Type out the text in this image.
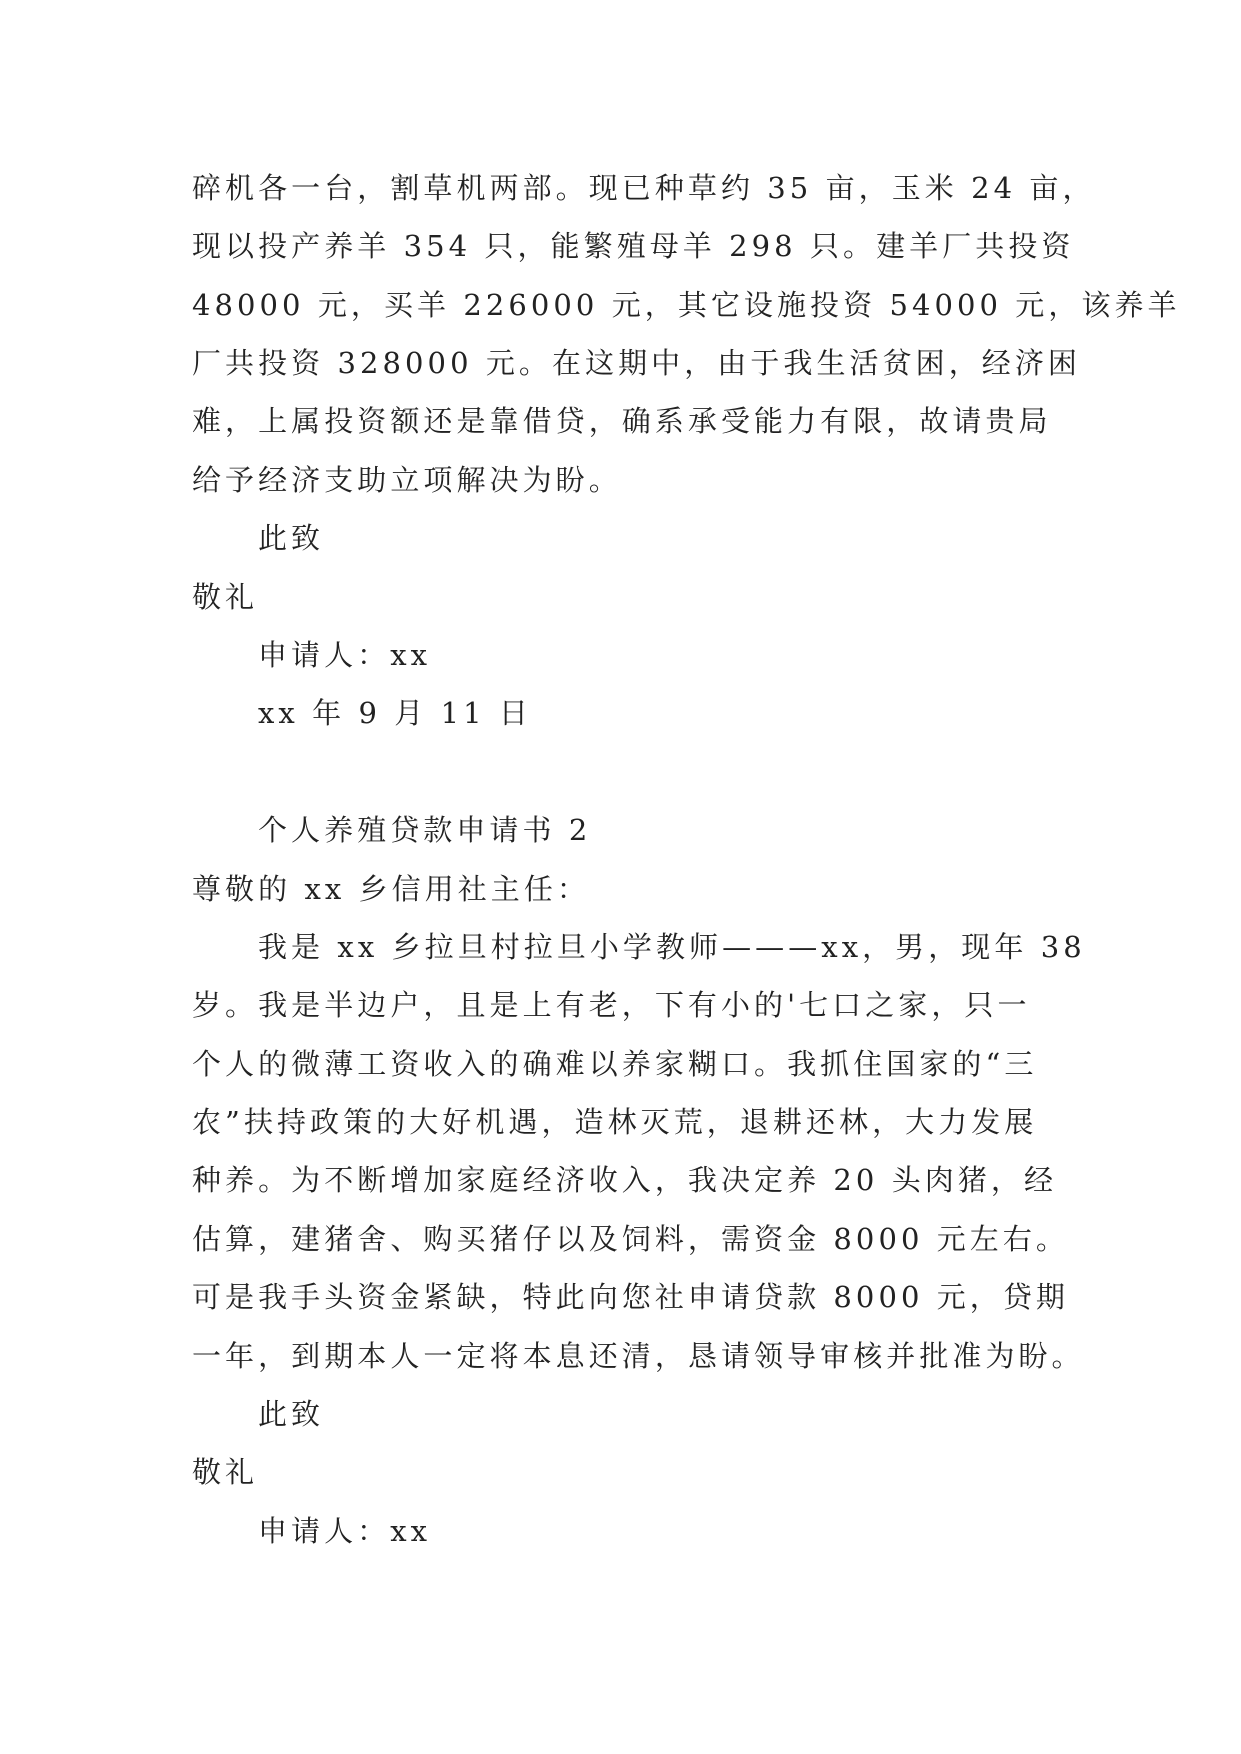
碎机各一台，割草机两部。现已种草约 35 亩，玉米 24 亩，
现以投产养羊 354 只，能繁殖母羊 298 只。建羊厂共投资
48000 元，买羊 226000 元，其它设施投资 54000 元，该养羊
厂共投资 328000 元。在这期中，由于我生活贫困，经济困
难，上属投资额还是靠借贷，确系承受能力有限，故请贵局
给予经济支助立项解决为盼。
此致
敬礼
申请人：xx
xx 年 9 月 11 日
个人养殖贷款申请书 2
尊敬的 xx 乡信用社主任：
我是 xx 乡拉旦村拉旦小学教师———xx，男，现年 38
岁。我是半边户，且是上有老，下有小的'七口之家，只一
个人的微薄工资收入的确难以养家糊口。我抓住国家的“三
农”扶持政策的大好机遇，造林灭荒，退耕还林，大力发展
种养。为不断增加家庭经济收入，我决定养 20 头肉猪，经
估算，建猪舍、购买猪仔以及饲料，需资金 8000 元左右。
可是我手头资金紧缺，特此向您社申请贷款 8000 元，贷期
一年，到期本人一定将本息还清，恳请领导审核并批准为盼。
此致
敬礼
申请人：xx
